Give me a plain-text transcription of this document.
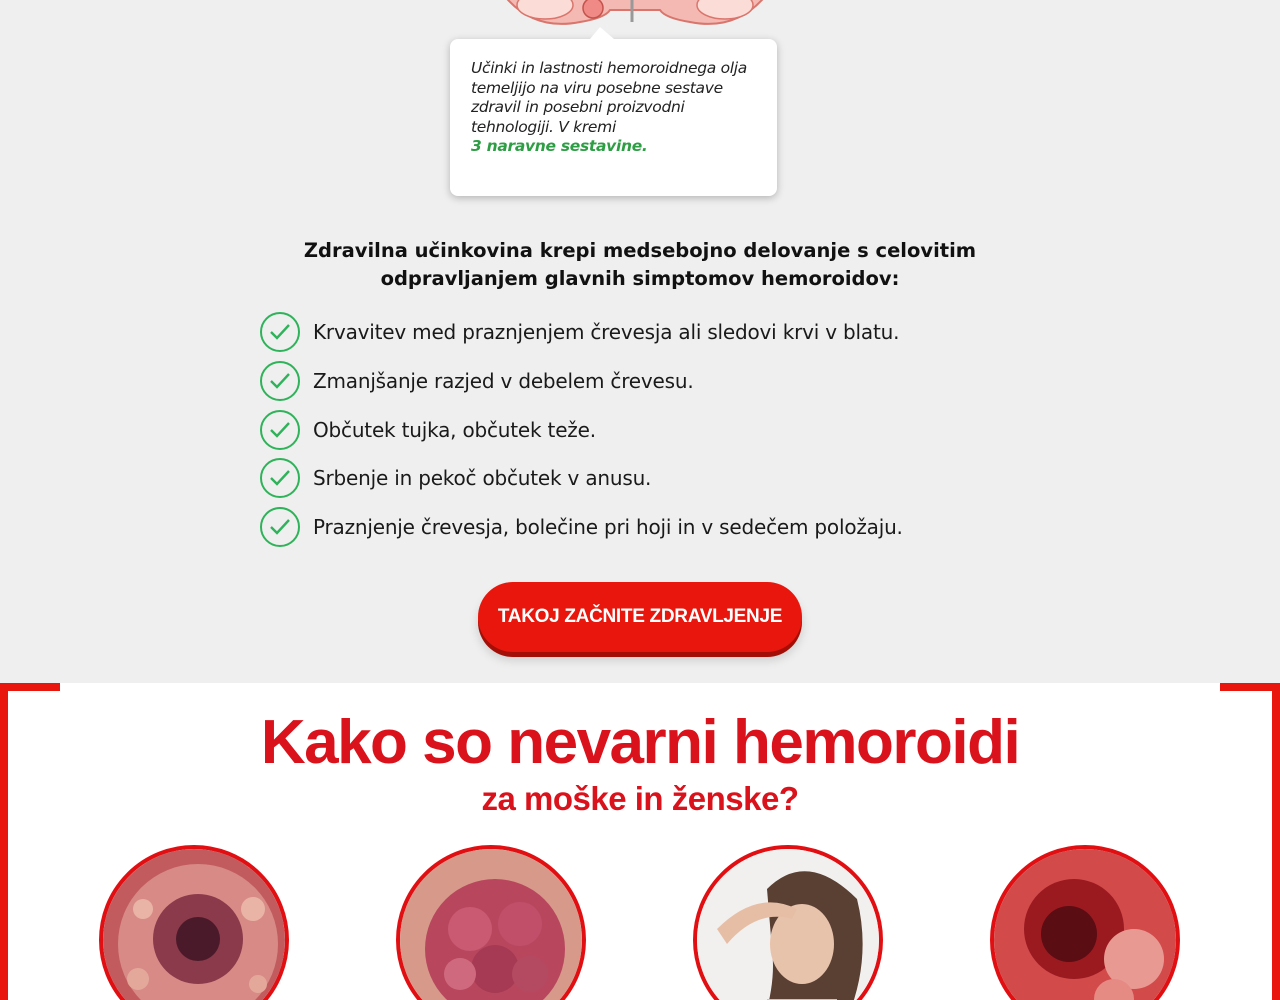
Učinki in lastnosti hemoroidnega olja temeljijo na viru posebne sestave zdravil in posebni proizvodni tehnologiji. V kremi
3 naravne sestavine.

Zdravilna učinkovina krepi medsebojno delovanje s celovitim
odpravljanjem glavnih simptomov hemoroidov:
Krvavitev med praznjenjem črevesja ali sledovi krvi v blatu.
Zmanjšanje razjed v debelem črevesu.
Občutek tujka, občutek teže.
Srbenje in pekoč občutek v anusu.
Praznjenje črevesja, bolečine pri hoji in v sedečem položaju.
TAKOJ ZAČNITE ZDRAVLJENJE
Kako so nevarni hemoroidi
za moške in ženske?
